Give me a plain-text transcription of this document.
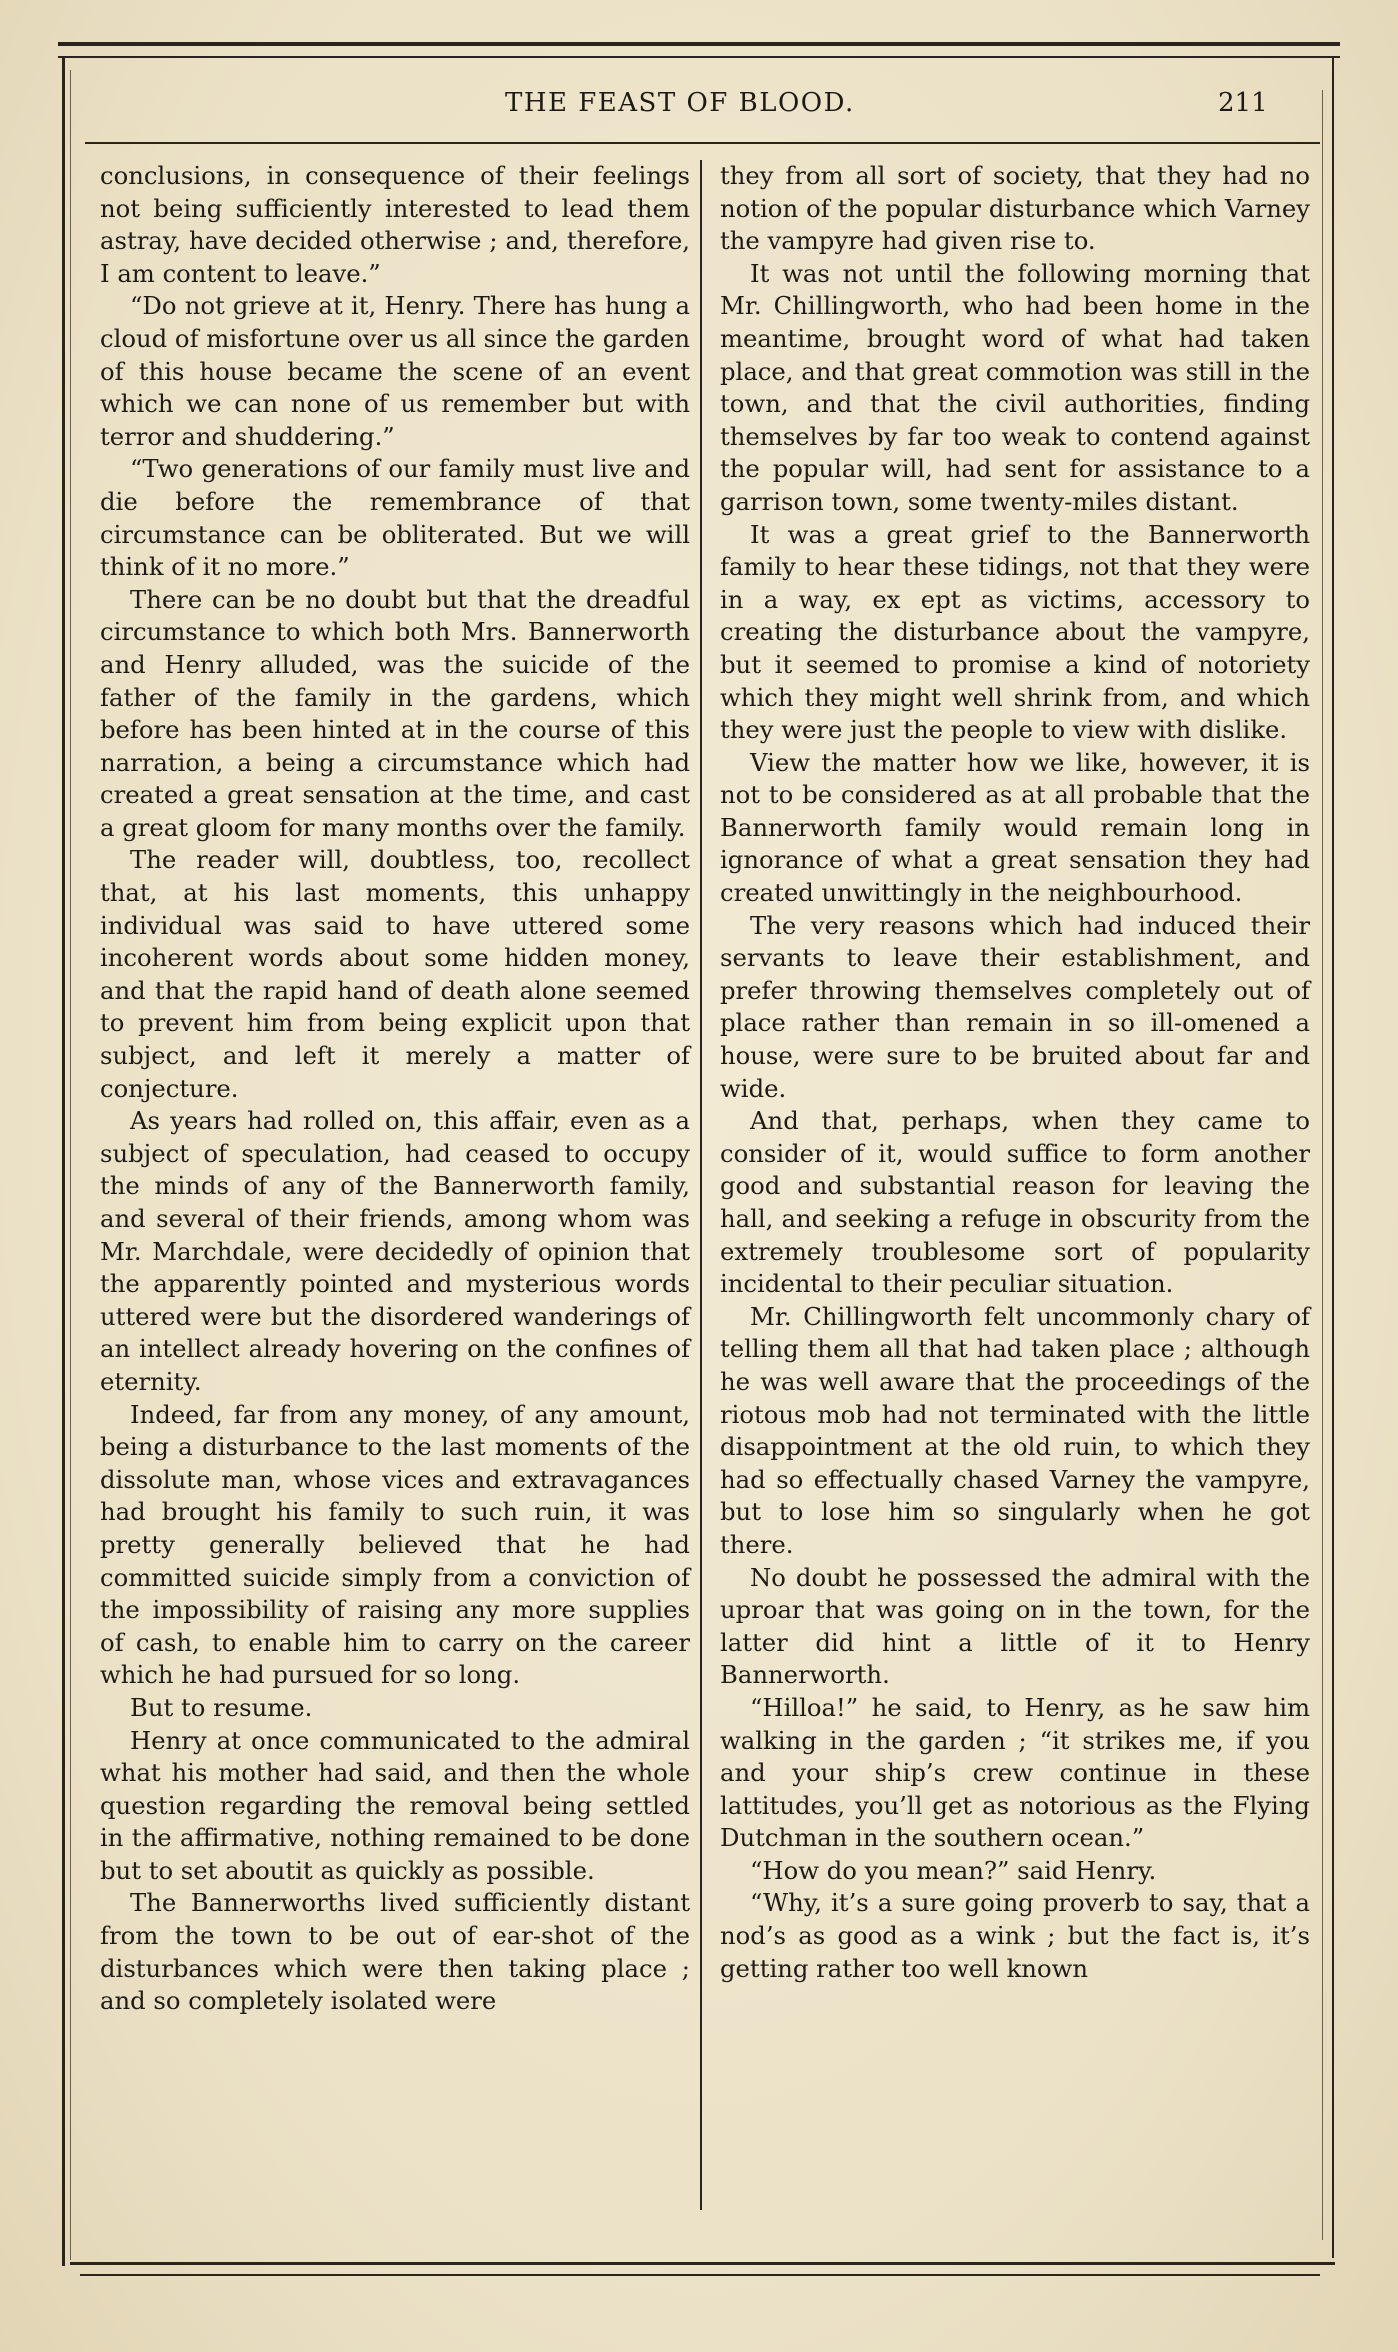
THE FEAST OF BLOOD.	211

conclusions, in consequence of their feelings not being sufficiently interested to lead them astray, have decided otherwise ; and, therefore, I am content to leave.”

“Do not grieve at it, Henry. There has hung a cloud of misfortune over us all since the garden of this house became the scene of an event which we can none of us remember but with terror and shuddering.”

“Two generations of our family must live and die before the remembrance of that circumstance can be obliterated. But we will think of it no more.”

There can be no doubt but that the dreadful circumstance to which both Mrs. Bannerworth and Henry alluded, was the suicide of the father of the family in the gardens, which before has been hinted at in the course of this narration, a being a circumstance which had created a great sensation at the time, and cast a great gloom for many months over the family.

The reader will, doubtless, too, recollect that, at his last moments, this unhappy individual was said to have uttered some incoherent words about some hidden money, and that the rapid hand of death alone seemed to prevent him from being explicit upon that subject, and left it merely a matter of conjecture.

As years had rolled on, this affair, even as a subject of speculation, had ceased to occupy the minds of any of the Bannerworth family, and several of their friends, among whom was Mr. Marchdale, were decidedly of opinion that the apparently pointed and mysterious words uttered were but the disordered wanderings of an intellect already hovering on the confines of eternity.

Indeed, far from any money, of any amount, being a disturbance to the last moments of the dissolute man, whose vices and extravagances had brought his family to such ruin, it was pretty generally believed that he had committed suicide simply from a conviction of the impossibility of raising any more supplies of cash, to enable him to carry on the career which he had pursued for so long.

But to resume.

Henry at once communicated to the admiral what his mother had said, and then the whole question regarding the removal being settled in the affirmative, nothing remained to be done but to set aboutit as quickly as possible.

The Bannerworths lived sufficiently distant from the town to be out of ear-shot of the disturbances which were then taking place ; and so completely isolated were

they from all sort of society, that they had no notion of the popular disturbance which Varney the vampyre had given rise to.

It was not until the following morning that Mr. Chillingworth, who had been home in the meantime, brought word of what had taken place, and that great commotion was still in the town, and that the civil authorities, finding themselves by far too weak to contend against the popular will, had sent for assistance to a garrison town, some twenty-miles distant.

It was a great grief to the Bannerworth family to hear these tidings, not that they were in a way, ex ept as victims, accessory to creating the disturbance about the vampyre, but it seemed to promise a kind of notoriety which they might well shrink from, and which they were just the people to view with dislike.

View the matter how we like, however, it is not to be considered as at all probable that the Bannerworth family would remain long in ignorance of what a great sensation they had created unwittingly in the neighbourhood.

The very reasons which had induced their servants to leave their establishment, and prefer throwing themselves completely out of place rather than remain in so ill-omened a house, were sure to be bruited about far and wide.

And that, perhaps, when they came to consider of it, would suffice to form another good and substantial reason for leaving the hall, and seeking a refuge in obscurity from the extremely troublesome sort of popularity incidental to their peculiar situation.

Mr. Chillingworth felt uncommonly chary of telling them all that had taken place ; although he was well aware that the proceedings of the riotous mob had not terminated with the little disappointment at the old ruin, to which they had so effectually chased Varney the vampyre, but to lose him so singularly when he got there.

No doubt he possessed the admiral with the uproar that was going on in the town, for the latter did hint a little of it to Henry Bannerworth.

“Hilloa!” he said, to Henry, as he saw him walking in the garden ; “it strikes me, if you and your ship’s crew continue in these lattitudes, you’ll get as notorious as the Flying Dutchman in the southern ocean.”

“How do you mean?” said Henry.

“Why, it’s a sure going proverb to say, that a nod’s as good as a wink ; but the fact is, it’s getting rather too well known
